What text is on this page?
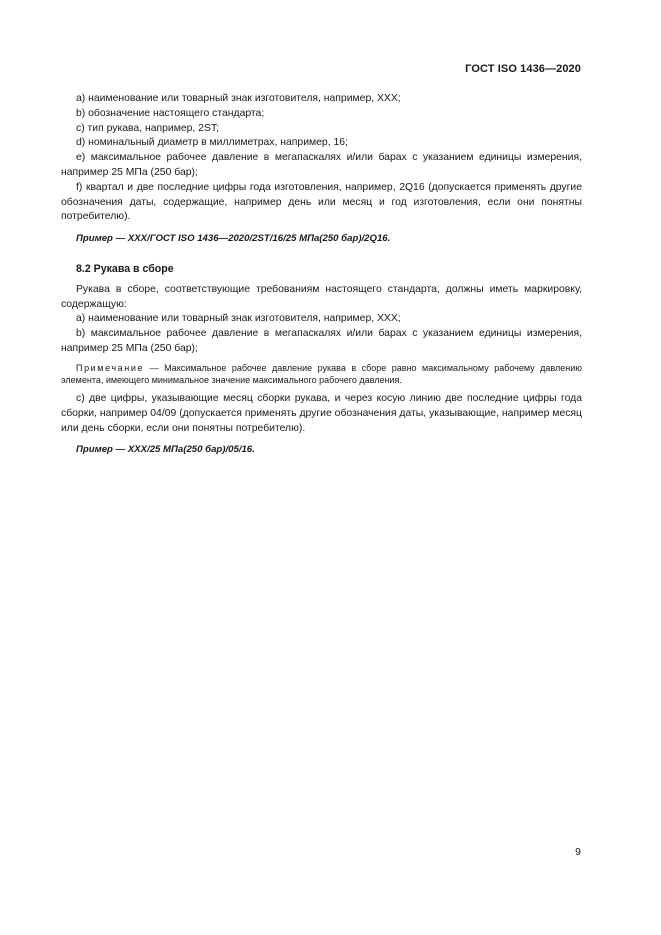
ГОСТ ISO 1436—2020

a) наименование или товарный знак изготовителя, например, XXX;

b) обозначение настоящего стандарта;

c) тип рукава, например, 2ST;

d) номинальный диаметр в миллиметрах, например, 16;

e) максимальное рабочее давление в мегапаскалях и/или барах с указанием единицы измерения, например 25 МПа (250 бар);

f) квартал и две последние цифры года изготовления, например, 2Q16 (допускается применять другие обозначения даты, содержащие, например день или месяц и год изготовления, если они понятны потребителю).

Пример — XXX/ГОСТ ISO 1436—2020/2ST/16/25 МПа(250 бар)/2Q16.

8.2 Рукава в сборе

Рукава в сборе, соответствующие требованиям настоящего стандарта, должны иметь маркировку, содержащую:

a) наименование или товарный знак изготовителя, например, XXX;

b) максимальное рабочее давление в мегапаскалях и/или барах с указанием единицы измерения, например 25 МПа (250 бар);

Примечание — Максимальное рабочее давление рукава в сборе равно максимальному рабочему давлению элемента, имеющего минимальное значение максимального рабочего давления.

c) две цифры, указывающие месяц сборки рукава, и через косую линию две последние цифры года сборки, например 04/09 (допускается применять другие обозначения даты, указывающие, например месяц или день сборки, если они понятны потребителю).

Пример — XXX/25 МПа(250 бар)/05/16.

9
